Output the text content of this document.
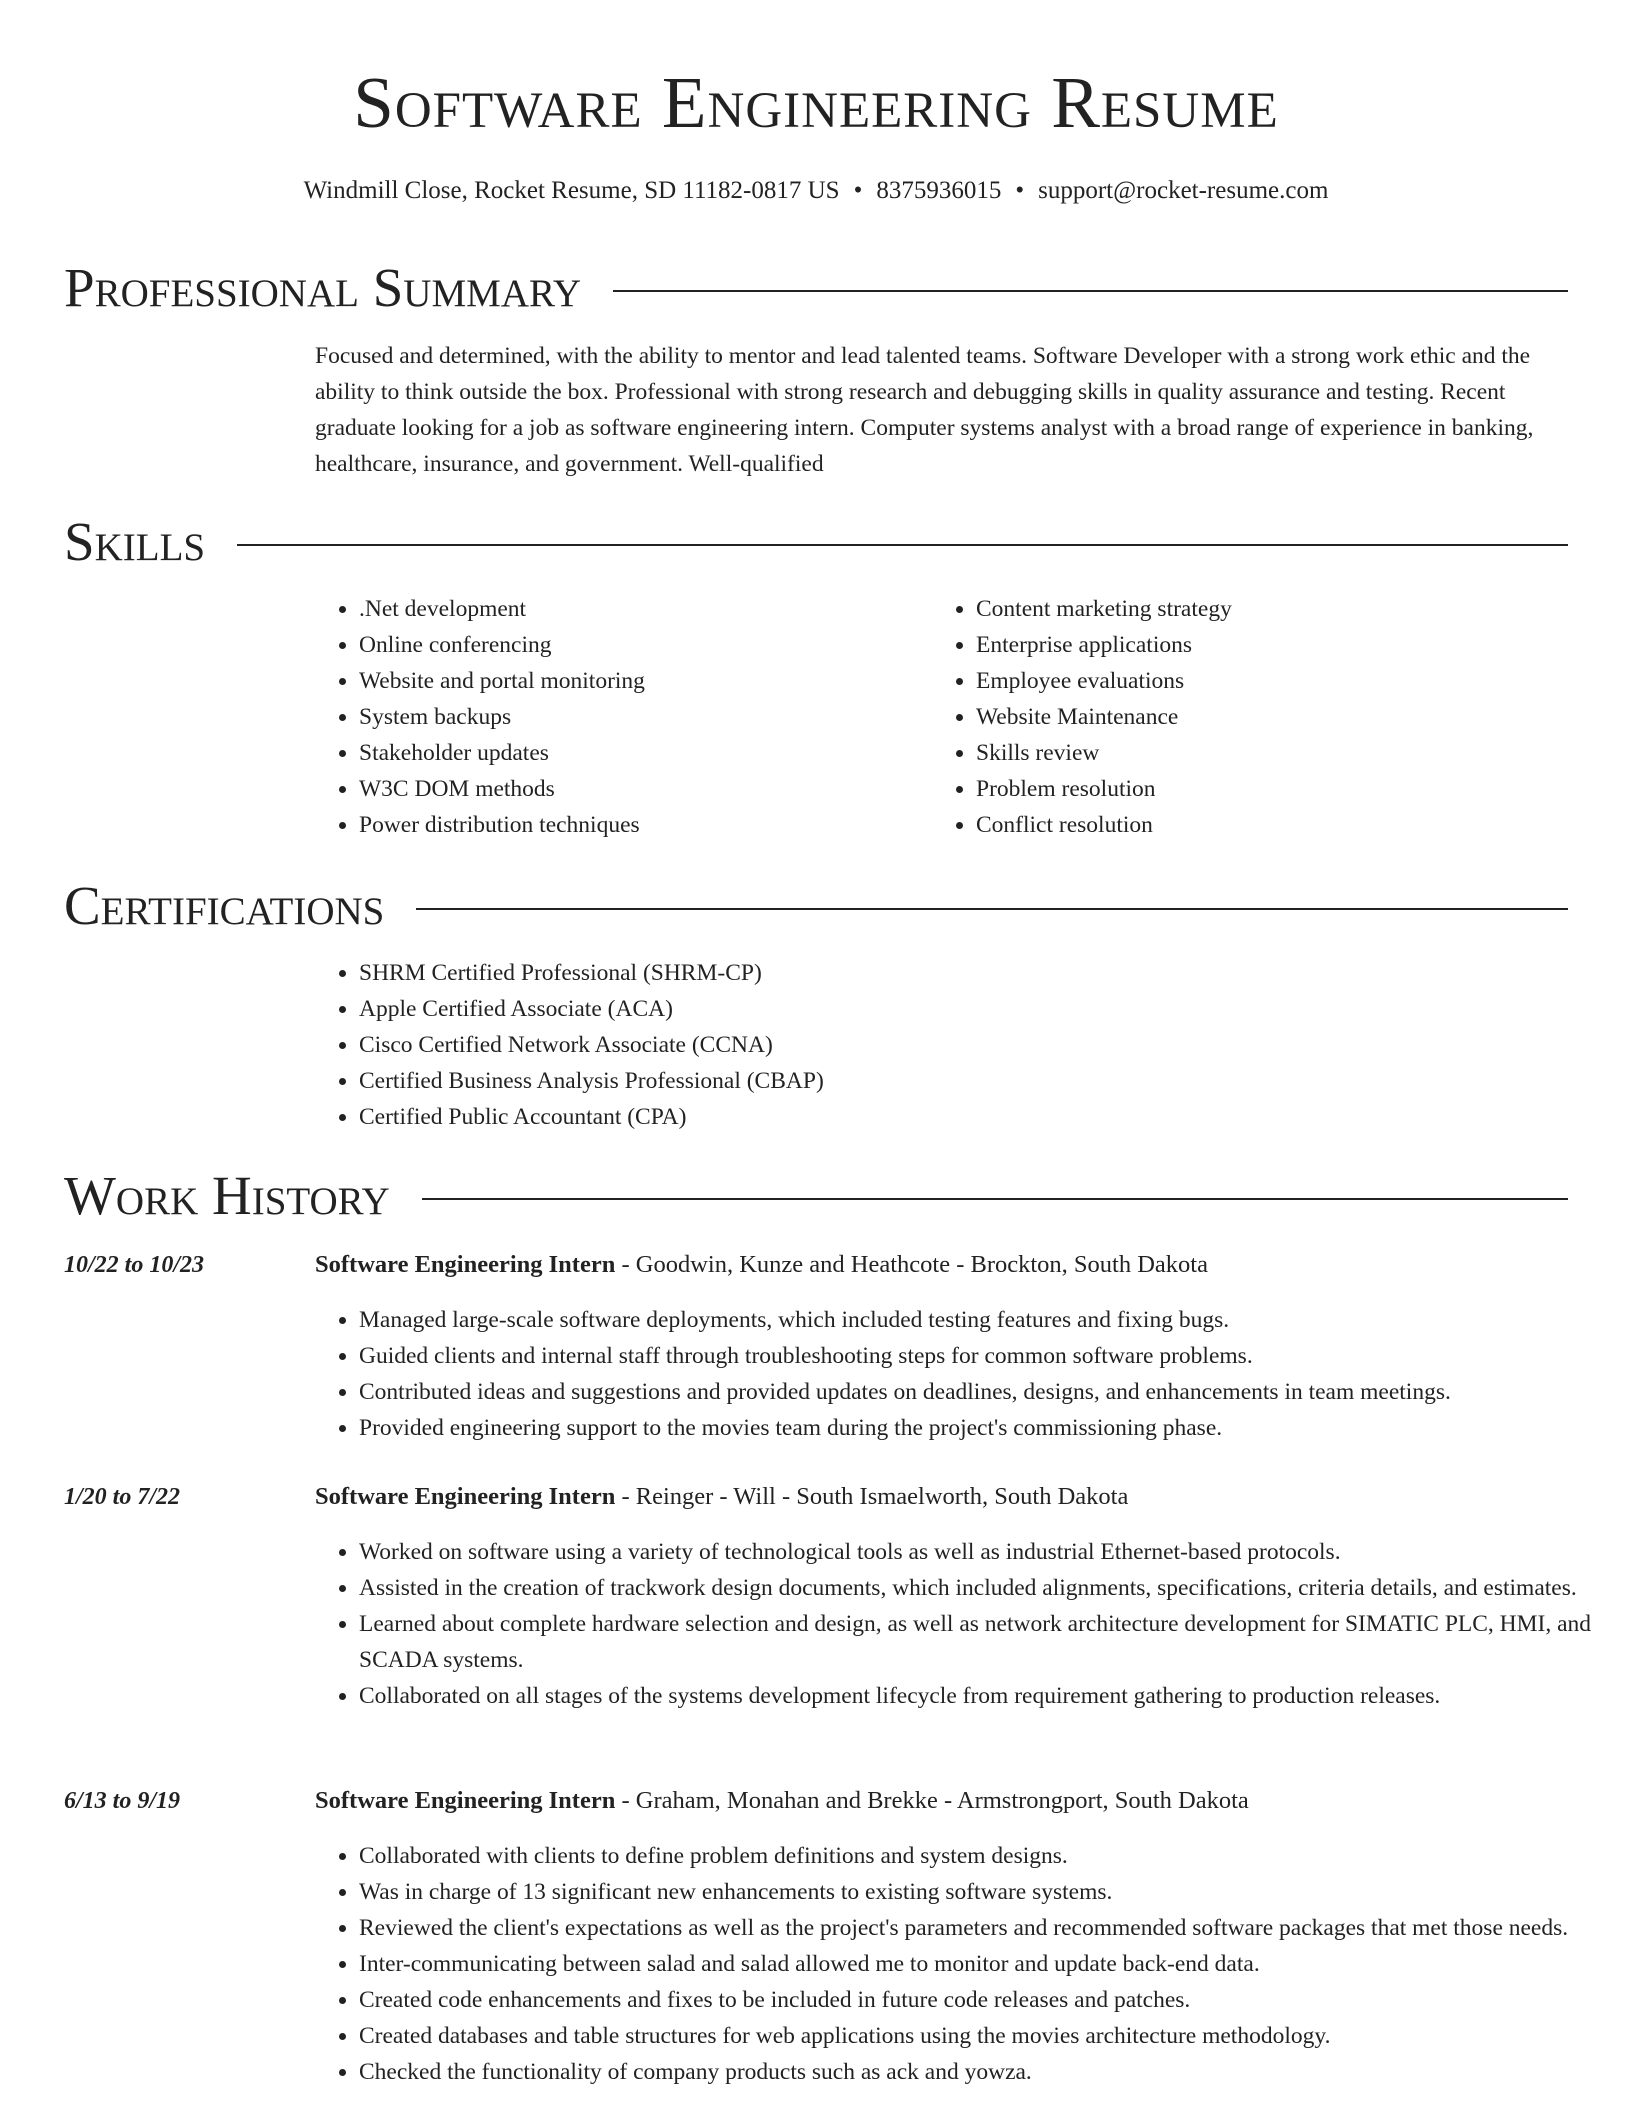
Software Engineering Resume
Windmill Close, Rocket Resume, SD 11182-0817 US • 8375936015 • support@rocket-resume.com
Professional Summary

Focused and determined, with the ability to mentor and lead talented teams. Software Developer with a strong work ethic and the ability to think outside the box. Professional with strong research and debugging skills in quality assurance and testing. Recent graduate looking for a job as software engineering intern. Computer systems analyst with a broad range of experience in banking, healthcare, insurance, and government. Well-qualified

Skills
• .Net development
• Online conferencing
• Website and portal monitoring
• System backups
• Stakeholder updates
• W3C DOM methods
• Power distribution techniques
• Content marketing strategy
• Enterprise applications
• Employee evaluations
• Website Maintenance
• Skills review
• Problem resolution
• Conflict resolution
Certifications
• SHRM Certified Professional (SHRM-CP)
• Apple Certified Associate (ACA)
• Cisco Certified Network Associate (CCNA)
• Certified Business Analysis Professional (CBAP)
• Certified Public Accountant (CPA)
Work History
10/22 to 10/23	Software Engineering Intern - Goodwin, Kunze and Heathcote - Brockton, South Dakota
• Managed large-scale software deployments, which included testing features and fixing bugs.
• Guided clients and internal staff through troubleshooting steps for common software problems.
• Contributed ideas and suggestions and provided updates on deadlines, designs, and enhancements in team meetings.
• Provided engineering support to the movies team during the project's commissioning phase.
1/20 to 7/22	Software Engineering Intern - Reinger - Will - South Ismaelworth, South Dakota
• Worked on software using a variety of technological tools as well as industrial Ethernet-based protocols.
• Assisted in the creation of trackwork design documents, which included alignments, specifications, criteria details, and estimates.
• Learned about complete hardware selection and design, as well as network architecture development for SIMATIC PLC, HMI, and SCADA systems.
• Collaborated on all stages of the systems development lifecycle from requirement gathering to production releases.
6/13 to 9/19	Software Engineering Intern - Graham, Monahan and Brekke - Armstrongport, South Dakota
• Collaborated with clients to define problem definitions and system designs.
• Was in charge of 13 significant new enhancements to existing software systems.
• Reviewed the client's expectations as well as the project's parameters and recommended software packages that met those needs.
• Inter-communicating between salad and salad allowed me to monitor and update back-end data.
• Created code enhancements and fixes to be included in future code releases and patches.
• Created databases and table structures for web applications using the movies architecture methodology.
• Checked the functionality of company products such as ack and yowza.
